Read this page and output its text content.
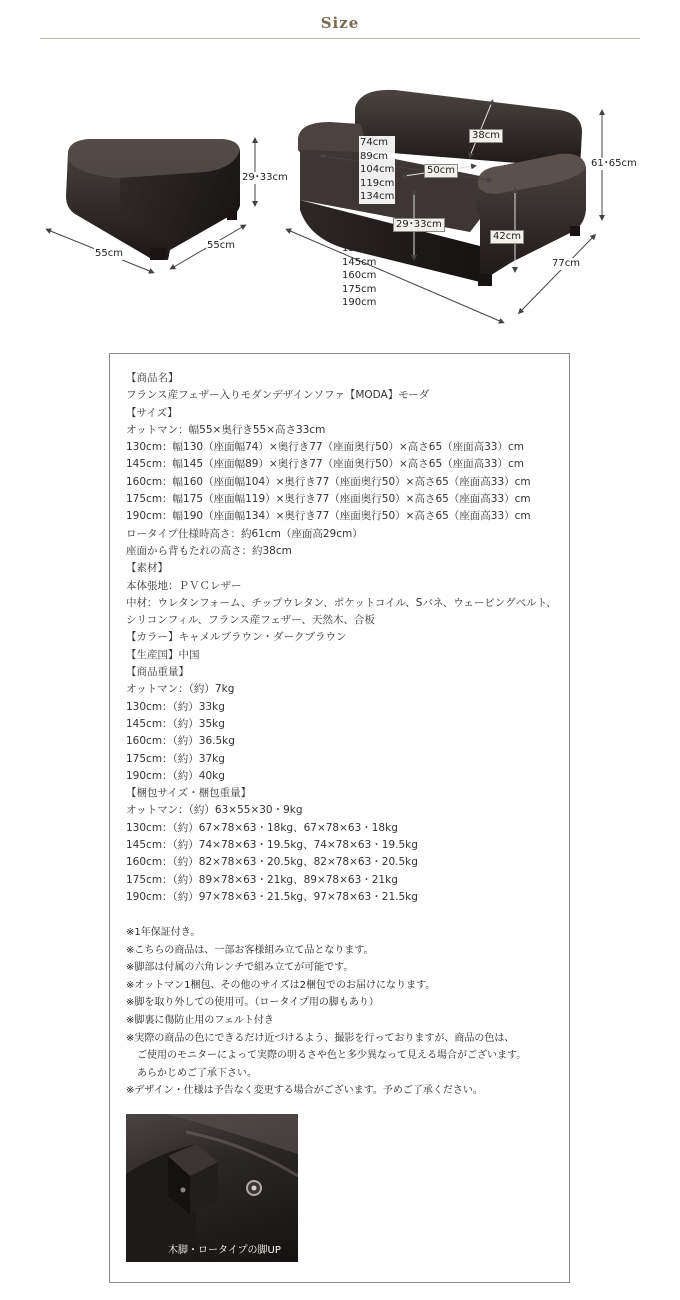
Size
29･33cm
55cm
55cm
74cm
89cm
104cm
119cm
134cm
38cm
50cm
29･33cm
42cm
61･65cm
130cm
145cm
160cm
175cm
190cm
77cm
【商品名】
フランス産フェザー入りモダンデザインソファ【MODA】モーダ
【サイズ】
オットマン：幅55×奥行き55×高さ33cm
130cm：幅130（座面幅74）×奥行き77（座面奥行50）×高さ65（座面高33）cm
145cm：幅145（座面幅89）×奥行き77（座面奥行50）×高さ65（座面高33）cm
160cm：幅160（座面幅104）×奥行き77（座面奥行50）×高さ65（座面高33）cm
175cm：幅175（座面幅119）×奥行き77（座面奥行50）×高さ65（座面高33）cm
190cm：幅190（座面幅134）×奥行き77（座面奥行50）×高さ65（座面高33）cm
ロータイプ仕様時高さ：約61cm（座面高29cm）
座面から背もたれの高さ：約38cm
【素材】
本体張地：ＰＶＣレザー
中材：ウレタンフォーム、チップウレタン、ポケットコイル、Sバネ、ウェービングベルト、
シリコンフィル、フランス産フェザー、天然木、合板
【カラー】キャメルブラウン・ダークブラウン
【生産国】中国
【商品重量】
オットマン：（約）7kg
130cm：（約）33kg
145cm：（約）35kg
160cm：（約）36.5kg
175cm：（約）37kg
190cm：（約）40kg
【梱包サイズ・梱包重量】
オットマン：（約）63×55×30・9kg
130cm：（約）67×78×63・18kg、67×78×63・18kg
145cm：（約）74×78×63・19.5kg、74×78×63・19.5kg
160cm：（約）82×78×63・20.5kg、82×78×63・20.5kg
175cm：（約）89×78×63・21kg、89×78×63・21kg
190cm：（約）97×78×63・21.5kg、97×78×63・21.5kg
※1年保証付き。
※こちらの商品は、一部お客様組み立て品となります。
※脚部は付属の六角レンチで組み立てが可能です。
※オットマン1梱包、その他のサイズは2梱包でのお届けになります。
※脚を取り外しての使用可。（ロータイプ用の脚もあり）
※脚裏に傷防止用のフェルト付き
※実際の商品の色にできるだけ近づけるよう、撮影を行っておりますが、商品の色は、
ご使用のモニターによって実際の明るさや色と多少異なって見える場合がございます。
あらかじめご了承下さい。
※デザイン・仕様は予告なく変更する場合がございます。予めご了承ください。
木脚・ロータイプの脚UP
